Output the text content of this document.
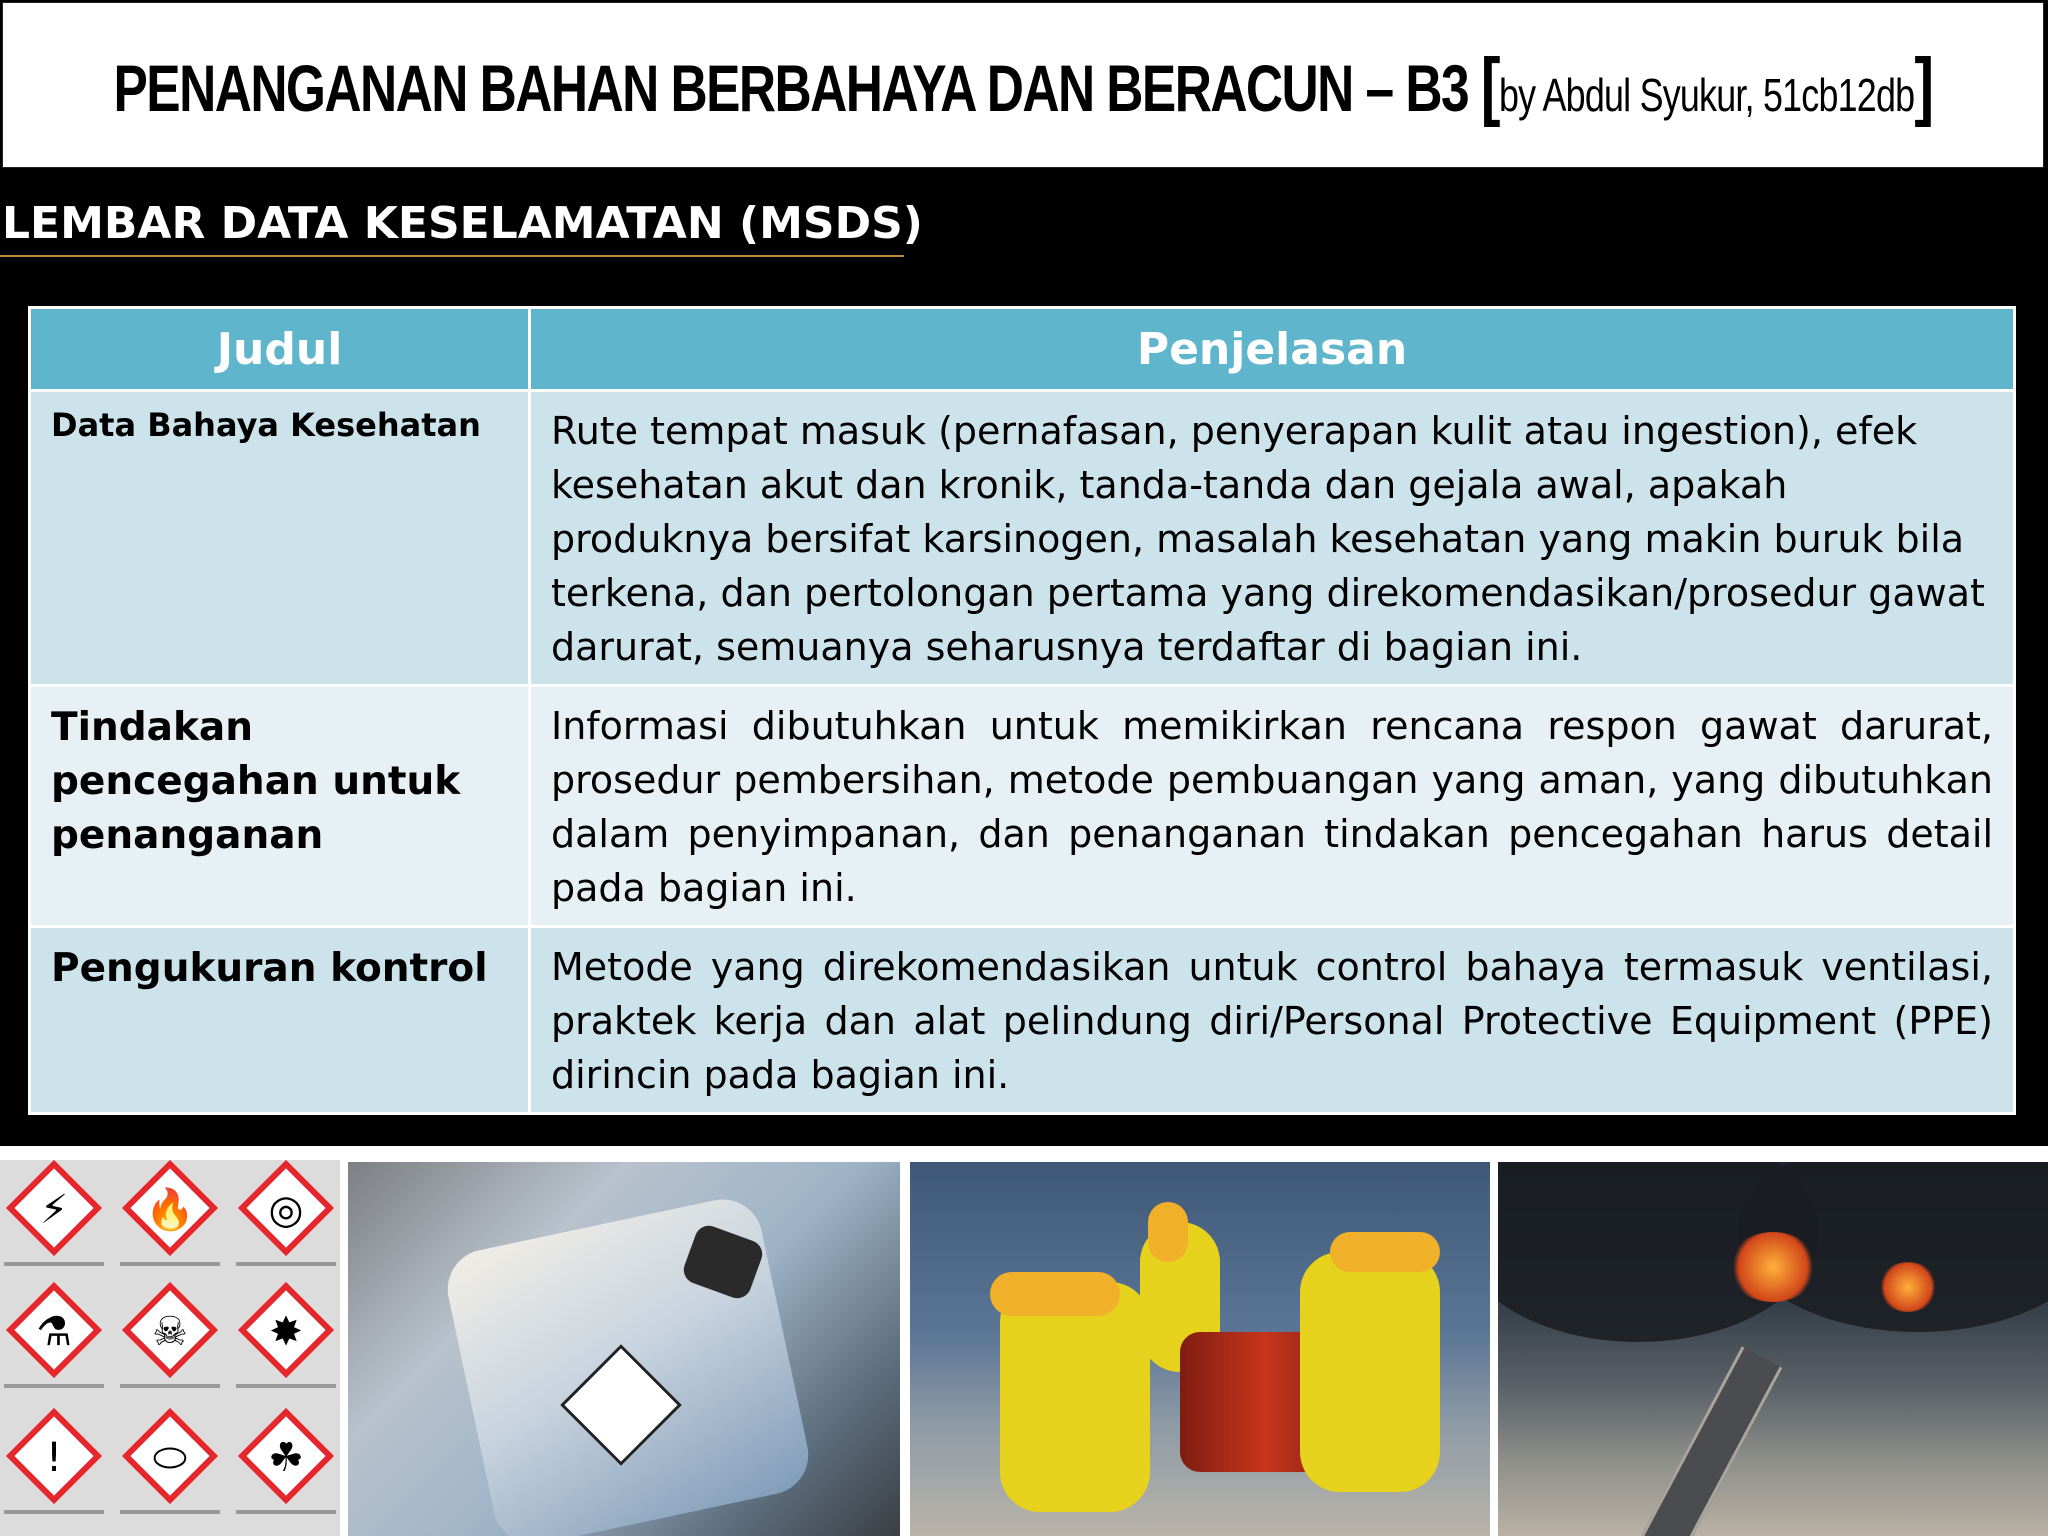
PENANGANAN BAHAN BERBAHAYA DAN BERACUN – B3 [by Abdul Syukur, 51cb12db]
LEMBAR DATA KESELAMATAN (MSDS)
Judul	Penjelasan
Data Bahaya Kesehatan	Rute tempat masuk (pernafasan, penyerapan kulit atau ingestion), efek kesehatan akut dan kronik, tanda-tanda dan gejala awal, apakah produknya bersifat karsinogen, masalah kesehatan yang makin buruk bila terkena, dan pertolongan pertama yang direkomendasikan/prosedur gawat darurat, semuanya seharusnya terdaftar di bagian ini.
Tindakan pencegahan untuk penanganan	Informasi dibutuhkan untuk memikirkan rencana respon gawat darurat, prosedur pembersihan, metode pembuangan yang aman, yang dibutuhkan dalam penyimpanan, dan penanganan tindakan pencegahan harus detail pada bagian ini.
Pengukuran kontrol	Metode yang direkomendasikan untuk control bahaya termasuk ventilasi, praktek kerja dan alat pelindung diri/Personal Protective Equipment (PPE) dirincin pada bagian ini.
⚡	🔥	◎
⚗	☠	✸
!	⬭	☘
